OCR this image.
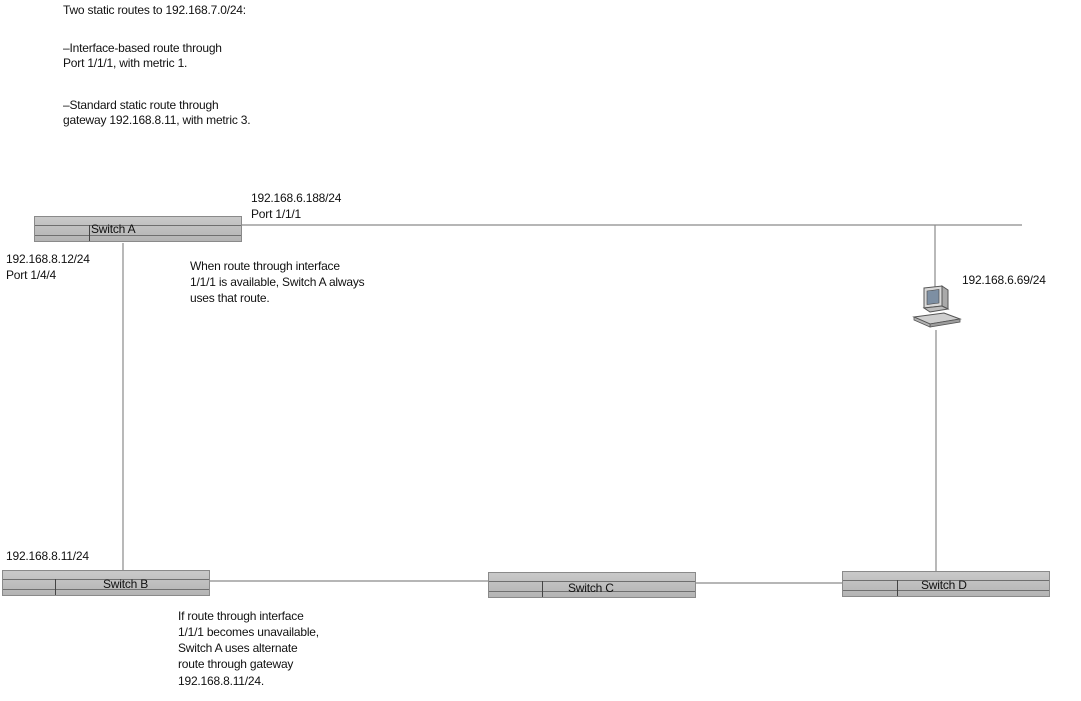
Two static routes to 192.168.7.0/24:
–Interface-based route through
Port 1/1/1, with metric 1.
–Standard static route through
gateway 192.168.8.11, with metric 3.
192.168.6.188/24
Port 1/1/1
Switch A
192.168.8.12/24
Port 1/4/4
When route through interface
1/1/1 is available, Switch A always
uses that route.
192.168.6.69/24
192.168.8.11/24
Switch B	Switch C	Switch D
If route through interface
1/1/1 becomes unavailable,
Switch A uses alternate
route through gateway
192.168.8.11/24.
